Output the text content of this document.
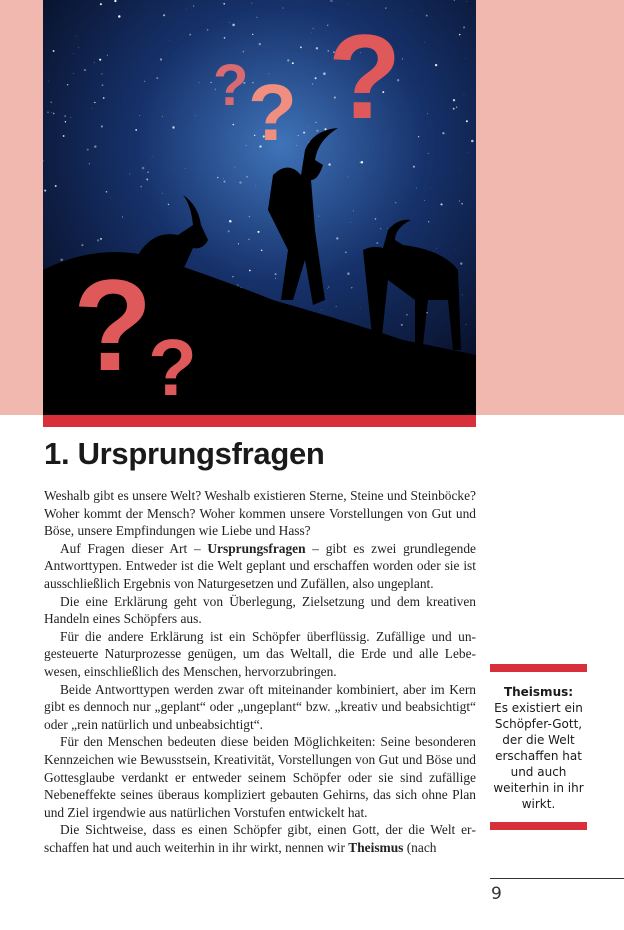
?
? ?
?
?
1. Ursprungsfragen

Weshalb gibt es unsere Welt? Weshalb existieren Sterne, Steine und Steinböcke? Woher kommt der Mensch? Woher kommen unsere Vorstellungen von Gut und Böse, unsere Empfindungen wie Liebe und Hass?

Auf Fragen dieser Art – Ursprungsfragen – gibt es zwei grundlegende Antworttypen. Entweder ist die Welt geplant und erschaffen worden oder sie ist ausschließlich Ergebnis von Naturgesetzen und Zufällen, also ungeplant.

Die eine Erklärung geht von Überlegung, Zielsetzung und dem kreativen Handeln eines Schöpfers aus.

Für die andere Erklärung ist ein Schöpfer überflüssig. Zufällige und ungesteuerte Naturprozesse genügen, um das Weltall, die Erde und alle Lebewesen, einschließlich des Menschen, hervorzubringen.

Beide Antworttypen werden zwar oft miteinander kombiniert, aber im Kern gibt es dennoch nur „geplant“ oder „ungeplant“ bzw. „kreativ und beabsichtigt“ oder „rein natürlich und unbeabsichtigt“.

Für den Menschen bedeuten diese beiden Möglichkeiten: Seine besonderen Kennzeichen wie Bewusstsein, Kreativität, Vorstellungen von Gut und Böse und Gottesglaube verdankt er entweder seinem Schöpfer oder sie sind zufällige Nebeneffekte seines überaus kompliziert gebauten Gehirns, das sich ohne Plan und Ziel irgendwie aus natürlichen Vorstufen entwickelt hat.

Die Sichtweise, dass es einen Schöpfer gibt, einen Gott, der die Welt erschaffen hat und auch weiterhin in ihr wirkt, nennen wir Theismus (nach

Theismus:
Es existiert ein Schöpfer-Gott, der die Welt erschaffen hat und auch weiterhin in ihr wirkt.
9
